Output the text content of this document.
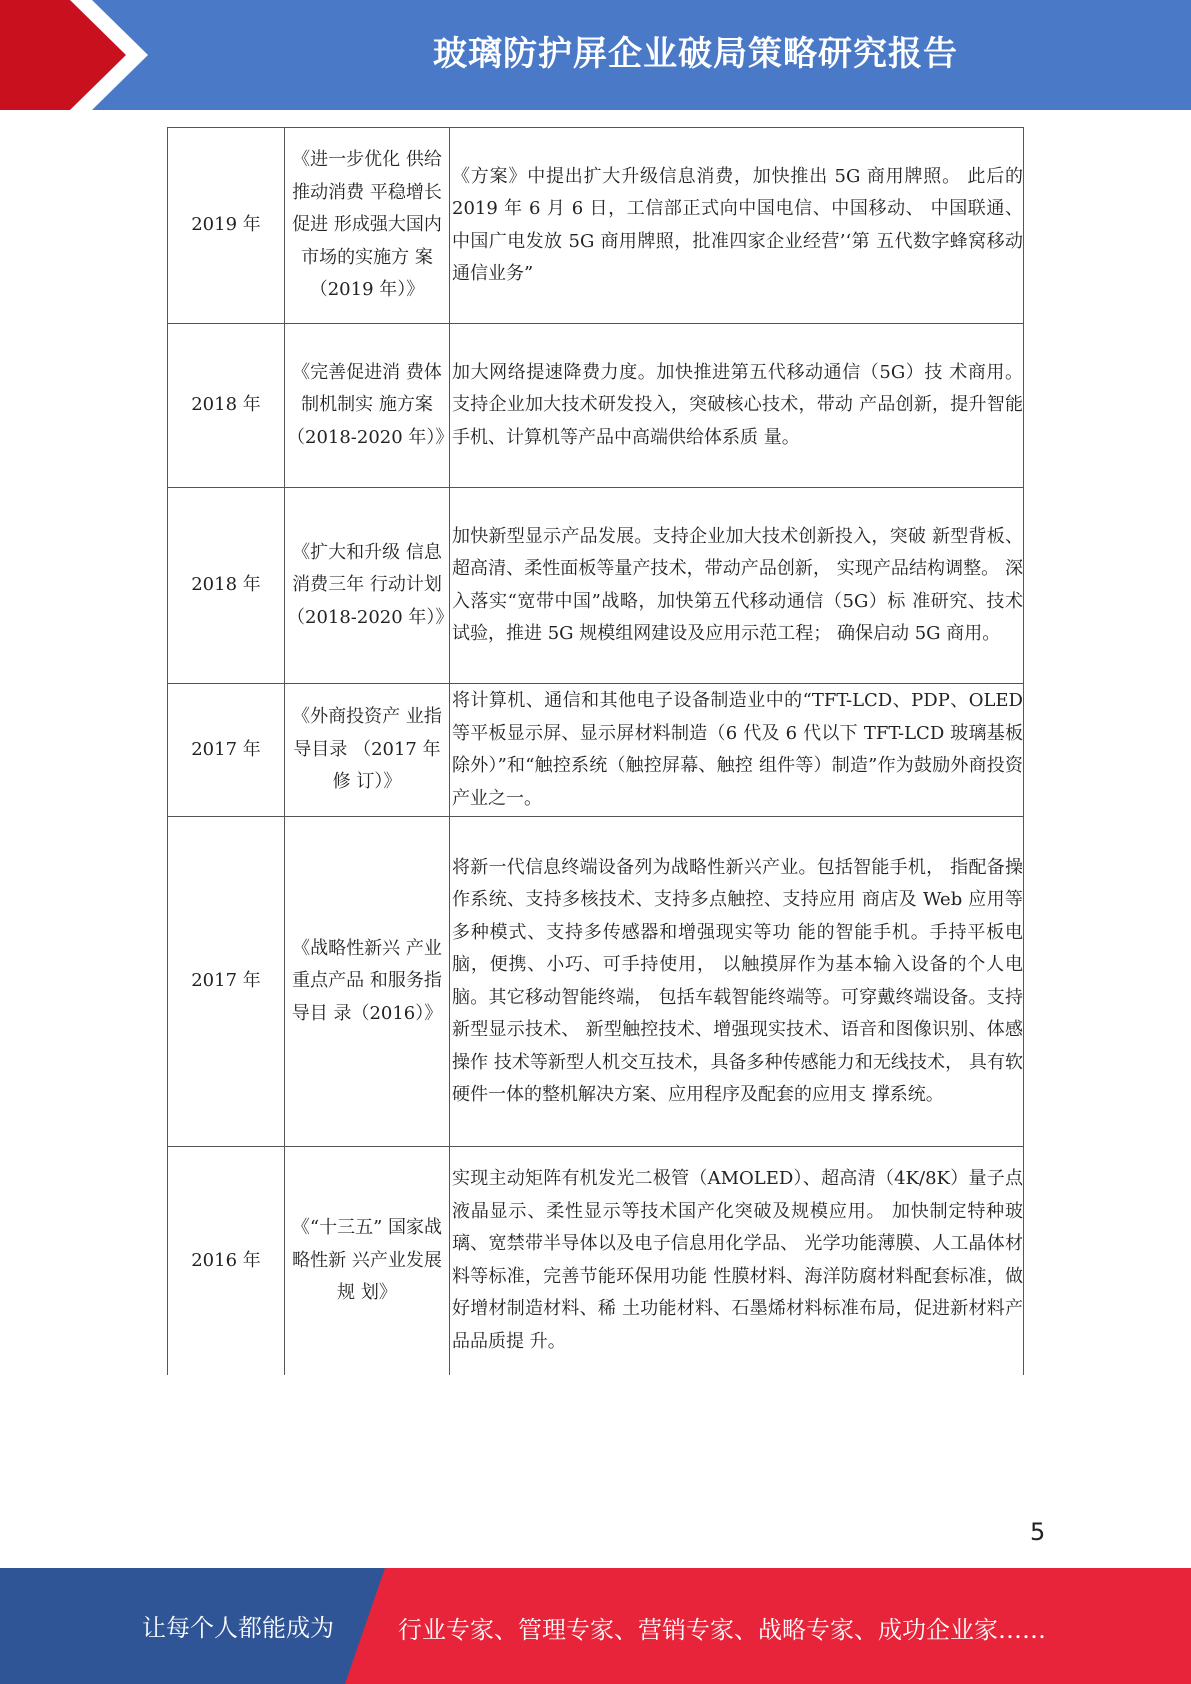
玻璃防护屏企业破局策略研究报告
2019 年	《进一步优化 供给推动消费 平稳增长促进 形成强大国内 市场的实施方 案（2019 年）》	《方案》中提出扩大升级信息消费，加快推出 5G 商用牌照。 此后的 2019 年 6 月 6 日，工信部正式向中国电信、中国移动、 中国联通、中国广电发放 5G 商用牌照，批准四家企业经营’‘第 五代数字蜂窝移动通信业务”
2018 年	《完善促进消 费体制机制实 施方案 （2018-2020 年）》	加大网络提速降费力度。加快推进第五代移动通信（5G）技 术商用。支持企业加大技术研发投入，突破核心技术，带动 产品创新，提升智能手机、计算机等产品中高端供给体系质 量。
2018 年	《扩大和升级 信息消费三年 行动计划 （2018-2020 年）》	加快新型显示产品发展。支持企业加大技术创新投入，突破 新型背板、超高清、柔性面板等量产技术，带动产品创新， 实现产品结构调整。 深入落实“宽带中国”战略，加快第五代移动通信（5G）标 准研究、技术试验，推进 5G 规模组网建设及应用示范工程； 确保启动 5G 商用。
2017 年	《外商投资产 业指导目录 （2017 年修 订）》	将计算机、通信和其他电子设备制造业中的“TFT-LCD、PDP、OLED 等平板显示屏、显示屏材料制造（6 代及 6 代以下 TFT-LCD 玻璃基板除外）”和“触控系统（触控屏幕、触控 组件等）制造”作为鼓励外商投资产业之一。
2017 年	《战略性新兴 产业重点产品 和服务指导目 录（2016）》	将新一代信息终端设备列为战略性新兴产业。包括智能手机， 指配备操作系统、支持多核技术、支持多点触控、支持应用 商店及 Web 应用等多种模式、支持多传感器和增强现实等功 能的智能手机。手持平板电脑，便携、小巧、可手持使用， 以触摸屏作为基本输入设备的个人电脑。其它移动智能终端， 包括车载智能终端等。可穿戴终端设备。支持新型显示技术、 新型触控技术、增强现实技术、语音和图像识别、体感操作 技术等新型人机交互技术，具备多种传感能力和无线技术， 具有软硬件一体的整机解决方案、应用程序及配套的应用支 撑系统。
2016 年	《“十三五” 国家战略性新 兴产业发展规 划》	实现主动矩阵有机发光二极管（AMOLED）、超高清（4K/8K）量子点液晶显示、柔性显示等技术国产化突破及规模应用。 加快制定特种玻璃、宽禁带半导体以及电子信息用化学品、 光学功能薄膜、人工晶体材料等标准，完善节能环保用功能 性膜材料、海洋防腐材料配套标准，做好增材制造材料、稀 土功能材料、石墨烯材料标准布局，促进新材料产品品质提 升。
5
让每个人都能成为	行业专家、管理专家、营销专家、战略专家、成功企业家……
